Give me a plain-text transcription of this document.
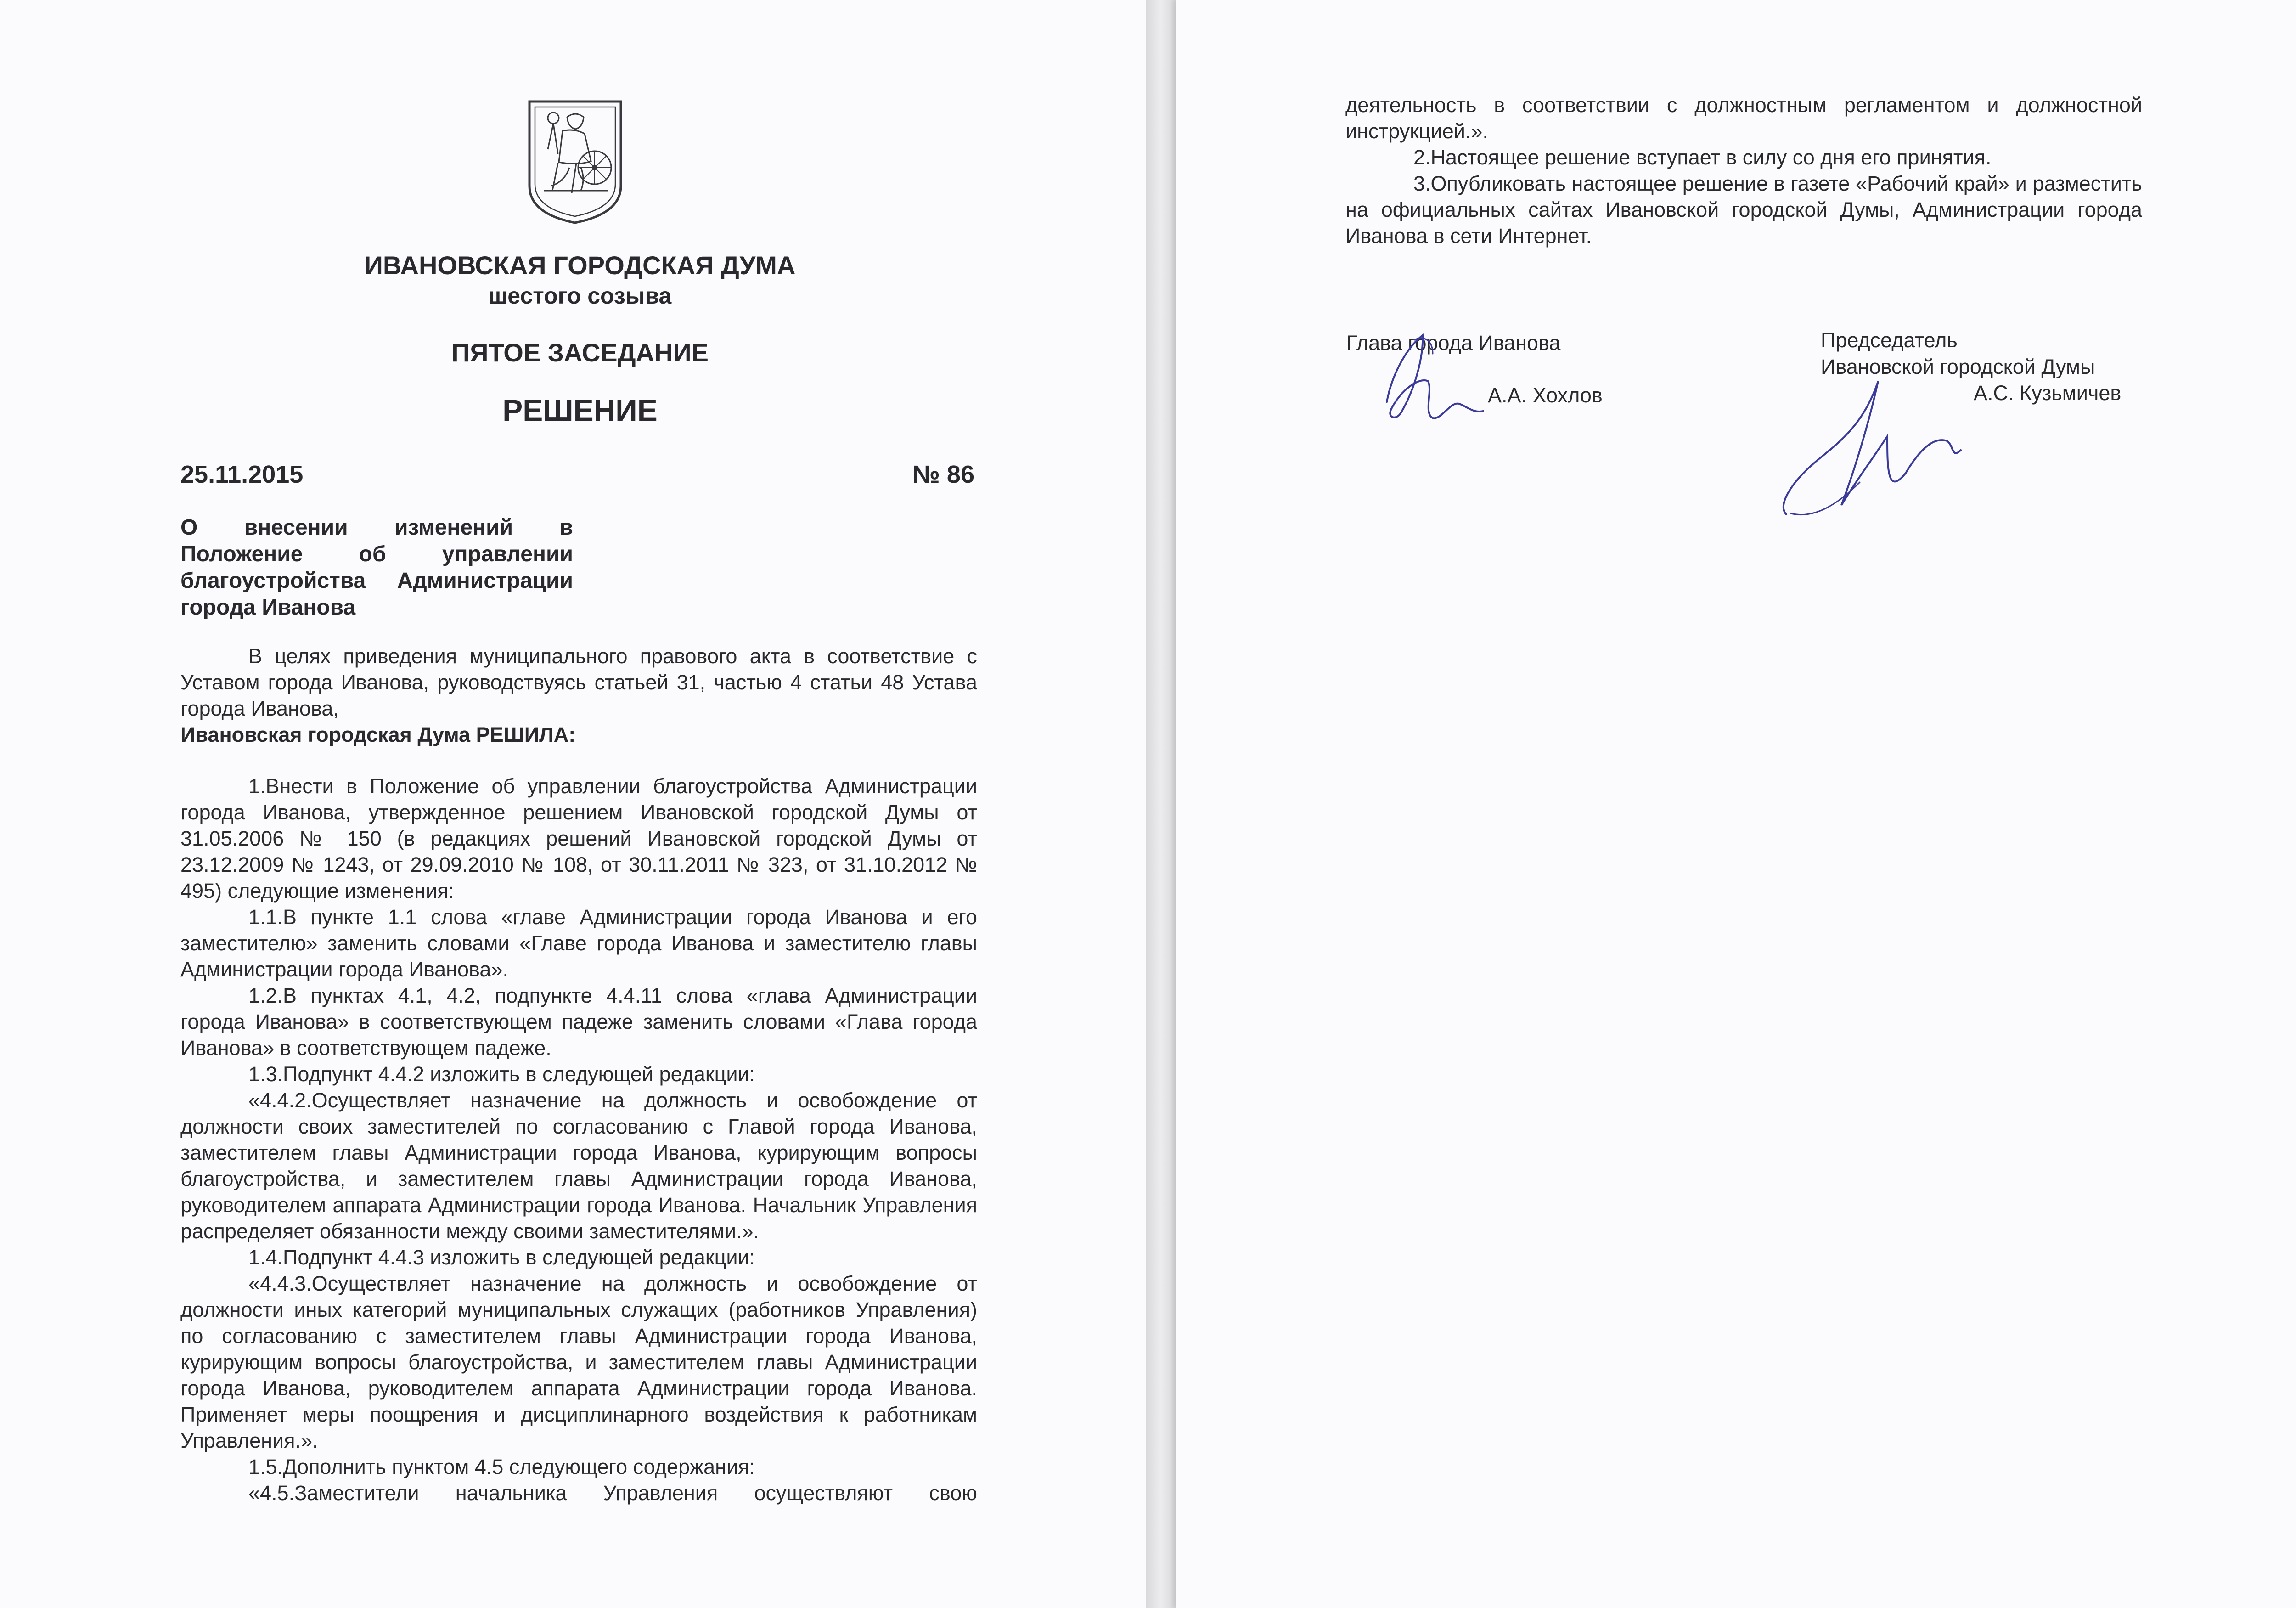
ИВАНОВСКАЯ ГОРОДСКАЯ ДУМА
шестого созыва
ПЯТОЕ ЗАСЕДАНИЕ
РЕШЕНИЕ
25.11.2015	№ 86

О внесении изменений в Положение об управлении благоустройства Администрации города Иванова

В целях приведения муниципального правового акта в соответствие с Уставом города Иванова, руководствуясь статьей 31, частью 4 статьи 48 Устава города Иванова,
Ивановская городская Дума РЕШИЛА:

1.Внести в Положение об управлении благоустройства Администрации города Иванова, утвержденное решением Ивановской городской Думы от 31.05.2006 № 150 (в редакциях решений Ивановской городской Думы от 23.12.2009 № 1243, от 29.09.2010 № 108, от 30.11.2011 № 323, от 31.10.2012 № 495) следующие изменения:

1.1.В пункте 1.1 слова «главе Администрации города Иванова и его заместителю» заменить словами «Главе города Иванова и заместителю главы Администрации города Иванова».

1.2.В пунктах 4.1, 4.2, подпункте 4.4.11 слова «глава Администрации города Иванова» в соответствующем падеже заменить словами «Глава города Иванова» в соответствующем падеже.

1.3.Подпункт 4.4.2 изложить в следующей редакции:

«4.4.2.Осуществляет назначение на должность и освобождение от должности своих заместителей по согласованию с Главой города Иванова, заместителем главы Администрации города Иванова, курирующим вопросы благоустройства, и заместителем главы Администрации города Иванова, руководителем аппарата Администрации города Иванова. Начальник Управления распределяет обязанности между своими заместителями.».

1.4.Подпункт 4.4.3 изложить в следующей редакции:

«4.4.3.Осуществляет назначение на должность и освобождение от должности иных категорий муниципальных служащих (работников Управления) по согласованию с заместителем главы Администрации города Иванова, курирующим вопросы благоустройства, и заместителем главы Администрации города Иванова, руководителем аппарата Администрации города Иванова. Применяет меры поощрения и дисциплинарного воздействия к работникам Управления.».

1.5.Дополнить пунктом 4.5 следующего содержания:

«4.5.Заместители начальника Управления осуществляют свою

деятельность в соответствии с должностным регламентом и должностной инструкцией.».

2.Настоящее решение вступает в силу со дня его принятия.

3.Опубликовать настоящее решение в газете «Рабочий край» и разместить на официальных сайтах Ивановской городской Думы, Администрации города Иванова в сети Интернет.

Глава города Иванова
А.А. Хохлов
Председатель
Ивановской городской Думы
А.С. Кузьмичев
